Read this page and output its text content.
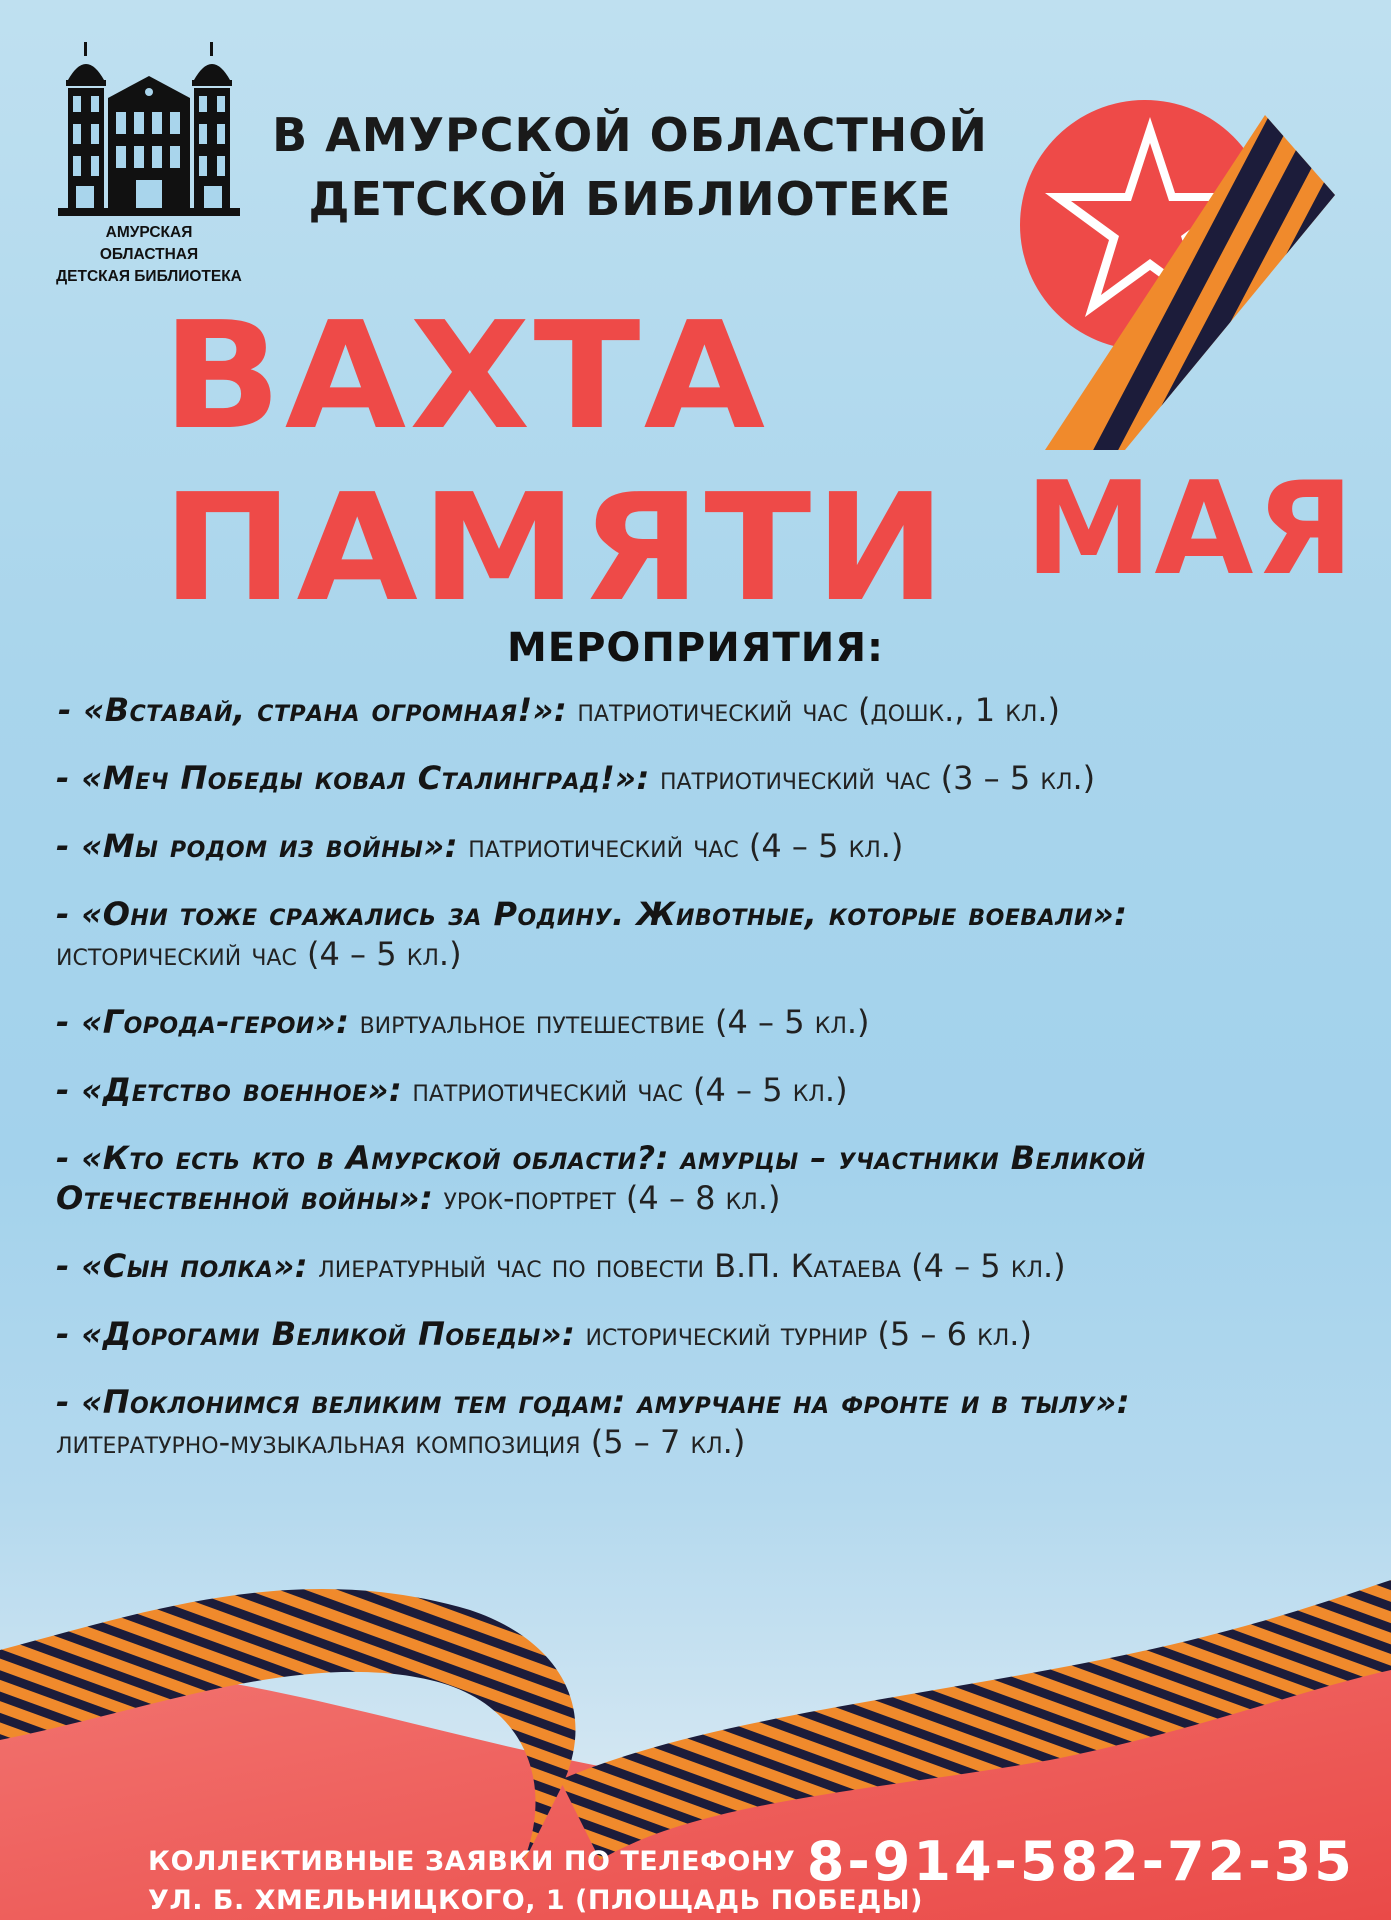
АМУРСКАЯ ОБЛАСТНАЯ
ДЕТСКАЯ БИБЛИОТЕКА
В АМУРСКОЙ ОБЛАСТНОЙ
ДЕТСКОЙ БИБЛИОТЕКЕ
ВАХТА
ПАМЯТИ МАЯ
МЕРОПРИЯТИЯ:
- «Вставай, страна огромная!»: патриотический час (дошк., 1 кл.)
- «Меч Победы ковал Сталинград!»: патриотический час (3 – 5 кл.)
- «Мы родом из войны»: патриотический час (4 – 5 кл.)
- «Они тоже сражались за Родину. Животные, которые воевали»: исторический час (4 – 5 кл.)
- «Города-герои»: виртуальное путешествие (4 – 5 кл.)
- «Детство военное»: патриотический час (4 – 5 кл.)
- «Кто есть кто в Амурской области?: амурцы – участники Великой Отечественной войны»: урок-портрет (4 – 8 кл.)
- «Сын полка»: лиературный час по повести В.П. Катаева (4 – 5 кл.)
- «Дорогами Великой Победы»: исторический турнир (5 – 6 кл.)
- «Поклонимся великим тем годам: амурчане на фронте и в тылу»: литературно-музыкальная композиция (5 – 7 кл.)
КОЛЛЕКТИВНЫЕ ЗАЯВКИ ПО ТЕЛЕФОНУ 8-914-582-72-35
УЛ. Б. ХМЕЛЬНИЦКОГО, 1 (ПЛОЩАДЬ ПОБЕДЫ)
